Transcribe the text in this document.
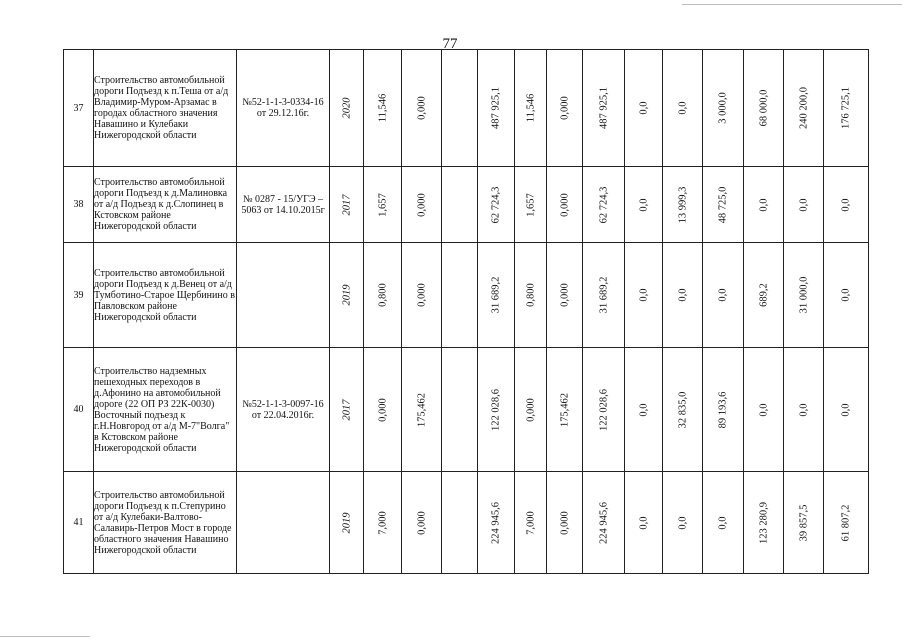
77
37	Строительство автомобильной дороги Подъезд к п.Теша от а/д Владимир-Муром-Арзамас в городах областного значения Навашино и Кулебаки Нижегородской области	№52-1-1-3-0334-16 от 29.12.16г.	2020	11,546	0,000		487 925,1	11,546	0,000	487 925,1	0,0	0,0	3 000,0	68 000,0	240 200,0	176 725,1

38	Строительство автомобильной дороги Подъезд к д.Малиновка от а/д Подъезд к д.Слопинец в Кстовском районе Нижегородской области	№ 0287 - 15/УГЭ – 5063 от 14.10.2015г	2017	1,657	0,000		62 724,3	1,657	0,000	62 724,3	0,0	13 999,3	48 725,0	0,0	0,0	0,0

39	Строительство автомобильной дороги Подъезд к д.Венец от а/д Тумботино-Старое Щербинино в Павловском районе Нижегородской области		2019	0,800	0,000		31 689,2	0,800	0,000	31 689,2	0,0	0,0	0,0	689,2	31 000,0	0,0

40	Строительство надземных пешеходных переходов в д.Афонино на автомобильной дороге (22 ОП РЗ 22К-0030) Восточный подъезд к г.Н.Новгород от а/д М-7"Волга" в Кстовском районе Нижегородской области	№52-1-1-3-0097-16 от 22.04.2016г.	2017	0,000	175,462		122 028,6	0,000	175,462	122 028,6	0,0	32 835,0	89 193,6	0,0	0,0	0,0

41	Строительство автомобильной дороги Подъезд к п.Степурино от а/д Кулебаки-Валтово-Салавирь-Петров Мост в городе областного значения Навашино Нижегородской области		2019	7,000	0,000		224 945,6	7,000	0,000	224 945,6	0,0	0,0	0,0	123 280,9	39 857,5	61 807,2
